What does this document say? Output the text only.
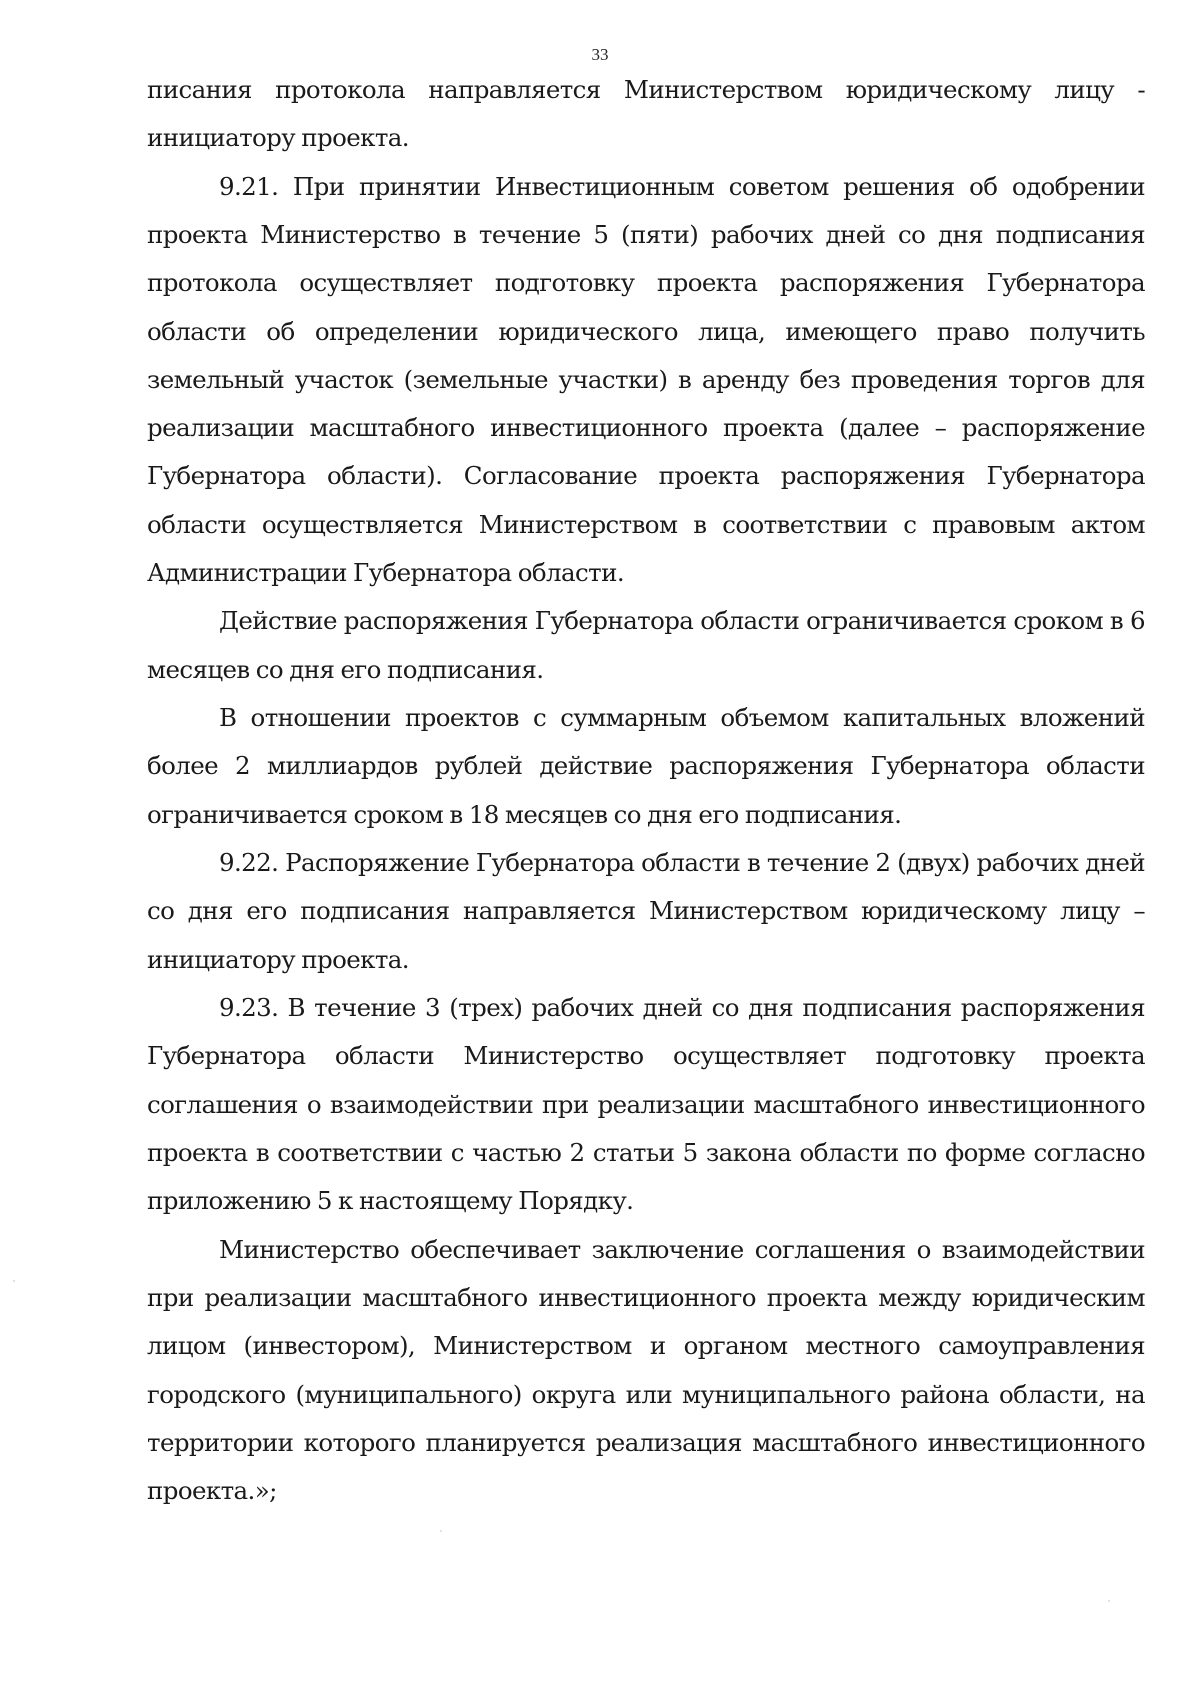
33

писания протокола направляется Министерством юридическому лицу - инициатору проекта.

9.21. При принятии Инвестиционным советом решения об одобрении проекта Министерство в течение 5 (пяти) рабочих дней со дня подписания протокола осуществляет подготовку проекта распоряжения Губернатора области об определении юридического лица, имеющего право получить земельный участок (земельные участки) в аренду без проведения торгов для реализации масштабного инвестиционного проекта (далее – распоряжение Губернатора области). Согласование проекта распоряжения Губернатора области осуществляется Министерством в соответствии с правовым актом Администрации Губернатора области.

Действие распоряжения Губернатора области ограничивается сроком в 6 месяцев со дня его подписания.

В отношении проектов с суммарным объемом капитальных вложений более 2 миллиардов рублей действие распоряжения Губернатора области ограничивается сроком в 18 месяцев со дня его подписания.

9.22. Распоряжение Губернатора области в течение 2 (двух) рабочих дней со дня его подписания направляется Министерством юридическому лицу – инициатору проекта.

9.23. В течение 3 (трех) рабочих дней со дня подписания распоряжения Губернатора области Министерство осуществляет подготовку проекта соглашения о взаимодействии при реализации масштабного инвестиционного проекта в соответствии с частью 2 статьи 5 закона области по форме согласно приложению 5 к настоящему Порядку.

Министерство обеспечивает заключение соглашения о взаимодействии при реализации масштабного инвестиционного проекта между юридическим лицом (инвестором), Министерством и органом местного самоуправления городского (муниципального) округа или муниципального района области, на территории которого планируется реализация масштабного инвестиционного проекта.»;
